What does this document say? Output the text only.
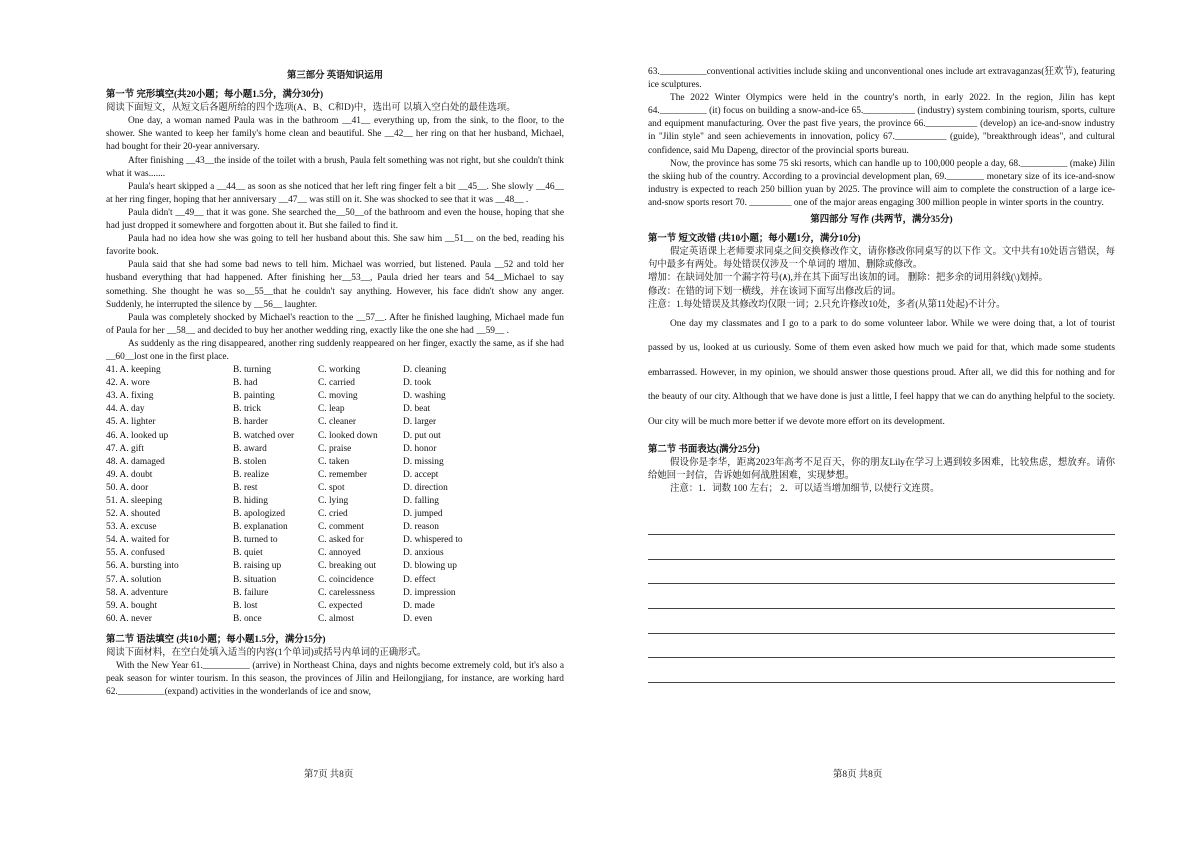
第三部分 英语知识运用
第一节 完形填空(共20小题；每小题1.5分，满分30分)

阅读下面短文，从短文后各题所给的四个选项(A、B、C和D)中，选出可 以填入空白处的最佳选项。

One day, a woman named Paula was in the bathroom __41__ everything up, from the sink, to the floor, to the shower. She wanted to keep her family's home clean and beautiful. She __42__ her ring on that her husband, Michael, had bought for their 20-year anniversary.

After finishing __43__the inside of the toilet with a brush, Paula felt something was not right, but she couldn't think what it was.......

Paula's heart skipped a __44__ as soon as she noticed that her left ring finger felt a bit __45__. She slowly __46__ at her ring finger, hoping that her anniversary __47__ was still on it. She was shocked to see that it was __48__ .

Paula didn't __49__ that it was gone. She searched the__50__of the bathroom and even the house, hoping that she had just dropped it somewhere and forgotten about it. But she failed to find it.

Paula had no idea how she was going to tell her husband about this. She saw him __51__ on the bed, reading his favorite book.

Paula said that she had some bad news to tell him. Michael was worried, but listened. Paula __52 and told her husband everything that had happened. After finishing her__53__, Paula dried her tears and 54__Michael to say something. She thought he was so__55__that he couldn't say anything. However, his face didn't show any anger. Suddenly, he interrupted the silence by __56__ laughter.

Paula was completely shocked by Michael's reaction to the __57__. After he finished laughing, Michael made fun of Paula for her __58__ and decided to buy her another wedding ring, exactly like the one she had __59__ .

As suddenly as the ring disappeared, another ring suddenly reappeared on her finger, exactly the same, as if she had __60__lost one in the first place.

41. A. keeping	B. turning	C. working	D. cleaning
42. A. wore	B. had	C. carried	D. took
43. A. fixing	B. painting	C. moving	D. washing
44. A. day	B. trick	C. leap	D. beat
45. A. lighter	B. harder	C. cleaner	D. larger
46. A. looked up	B. watched over	C. looked down	D. put out
47. A. gift	B. award	C. praise	D. honor
48. A. damaged	B. stolen	C. taken	D. missing
49. A. doubt	B. realize	C. remember	D. accept
50. A. door	B. rest	C. spot	D. direction
51. A. sleeping	B. hiding	C. lying	D. falling
52. A. shouted	B. apologized	C. cried	D. jumped
53. A. excuse	B. explanation	C. comment	D. reason
54. A. waited for	B. turned to	C. asked for	D. whispered to
55. A. confused	B. quiet	C. annoyed	D. anxious
56. A. bursting into	B. raising up	C. breaking out	D. blowing up
57. A. solution	B. situation	C. coincidence	D. effect
58. A. adventure	B. failure	C. carelessness	D. impression
59. A. bought	B. lost	C. expected	D. made
60. A. never	B. once	C. almost	D. even
第二节 语法填空 (共10小题；每小题1.5分，满分15分)

阅读下面材料，在空白处填入适当的内容(1个单词)或括号内单词的正确形式。

With the New Year 61.__________ (arrive) in Northeast China, days and nights become extremely cold, but it's also a peak season for winter tourism. In this season, the provinces of Jilin and Heilongjiang, for instance, are working hard 62.__________(expand) activities in the wonderlands of ice and snow,

第7页 共8页

63.__________conventional activities include skiing and unconventional ones include art extravaganzas(狂欢节), featuring ice sculptures.

The 2022 Winter Olympics were held in the country's north, in early 2022. In the region, Jilin has kept 64.__________ (it) focus on building a snow-and-ice 65.___________ (industry) system combining tourism, sports, culture and equipment manufacturing. Over the past five years, the province 66.___________ (develop) an ice-and-snow industry in "Jilin style" and seen achievements in innovation, policy 67.___________ (guide), "breakthrough ideas", and cultural confidence, said Mu Dapeng, director of the provincial sports bureau.

Now, the province has some 75 ski resorts, which can handle up to 100,000 people a day, 68.__________ (make) Jilin the skiing hub of the country. According to a provincial development plan, 69.________ monetary size of its ice-and-snow industry is expected to reach 250 billion yuan by 2025. The province will aim to complete the construction of a large ice-and-snow sports resort 70. _________ one of the major areas engaging 300 million people in winter sports in the country.

第四部分 写作 (共两节，满分35分)
第一节 短文改错 (共10小题；每小题1分，满分10分)

假定英语课上老师要求同桌之间交换修改作文，请你修改你同桌写的以下作 文。文中共有10处语言错误，每句中最多有两处。每处错误仅涉及一个单词的 增加、删除或修改。

增加：在缺词处加一个漏字符号(٨),并在其下面写出该加的词。 删除：把多余的词用斜线(\)划掉。

修改：在错的词下划一横线，并在该词下面写出修改后的词。

注意：1.每处错误及其修改均仅限一词；2.只允许修改10处，多者(从第11处起)不计分。

One day my classmates and I go to a park to do some volunteer labor. While we were doing that, a lot of tourist passed by us, looked at us curiously. Some of them even asked how much we paid for that, which made some students embarrassed. However, in my opinion, we should answer those questions proud. After all, we did this for nothing and for the beauty of our city. Although that we have done is just a little, I feel happy that we can do anything helpful to the society. Our city will be much more better if we devote more effort on its development.

第二节 书面表达(满分25分)

假设你是李华，距离2023年高考不足百天，你的朋友Lily在学习上遇到较多困难，比较焦虑，想放弃。请你给她回一封信，告诉她如何战胜困难，实现梦想。

注意：1．词数 100 左右； 2．可以适当增加细节, 以使行文连贯。

第8页 共8页
